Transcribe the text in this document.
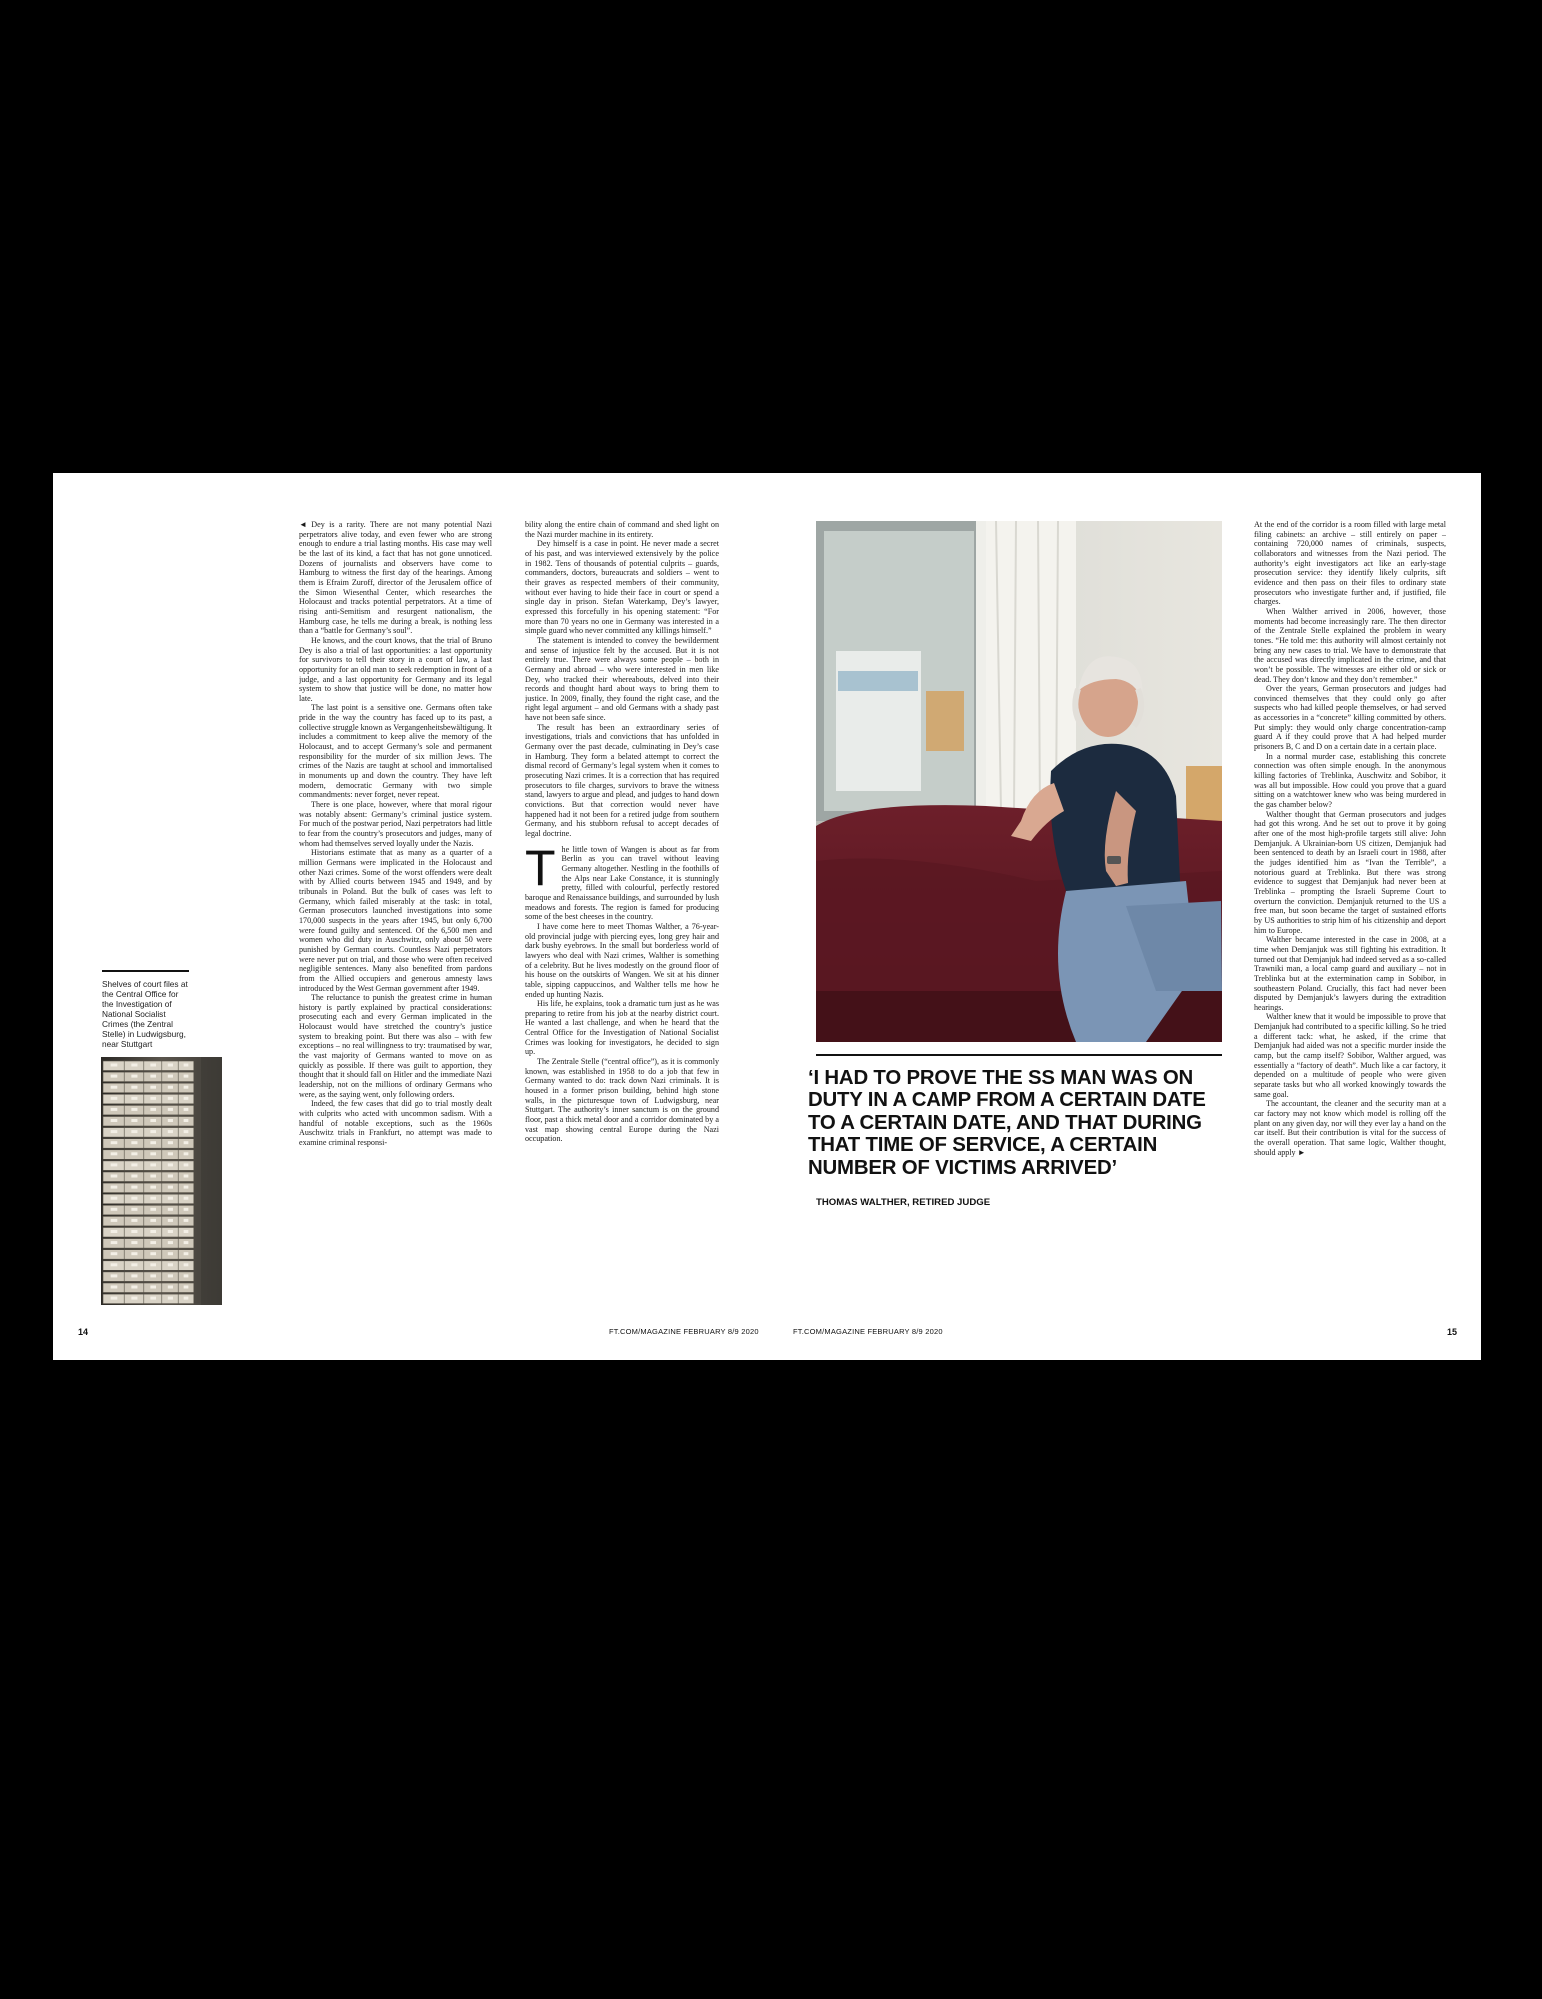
Shelves of court files at the Central Office for the Investigation of National Socialist Crimes (the Zentral Stelle) in Ludwigsburg, near Stuttgart

◄ Dey is a rarity. There are not many potential Nazi perpetrators alive today, and even fewer who are strong enough to endure a trial lasting months. His case may well be the last of its kind, a fact that has not gone unnoticed. Dozens of journalists and observers have come to Hamburg to witness the first day of the hearings. Among them is Efraim Zuroff, director of the Jerusalem office of the Simon Wiesenthal Center, which researches the Holocaust and tracks potential perpetrators. At a time of rising anti-Semitism and resurgent nationalism, the Hamburg case, he tells me during a break, is nothing less than a “battle for Germany’s soul”.

He knows, and the court knows, that the trial of Bruno Dey is also a trial of last opportunities: a last opportunity for survivors to tell their story in a court of law, a last opportunity for an old man to seek redemption in front of a judge, and a last opportunity for Germany and its legal system to show that justice will be done, no matter how late.

The last point is a sensitive one. Germans often take pride in the way the country has faced up to its past, a collective struggle known as Vergangenheitsbewältigung. It includes a commitment to keep alive the memory of the Holocaust, and to accept Germany’s sole and permanent responsibility for the murder of six million Jews. The crimes of the Nazis are taught at school and immortalised in monuments up and down the country. They have left modern, democratic Germany with two simple commandments: never forget, never repeat.

There is one place, however, where that moral rigour was notably absent: Germany’s criminal justice system. For much of the postwar period, Nazi perpetrators had little to fear from the country’s prosecutors and judges, many of whom had themselves served loyally under the Nazis.

Historians estimate that as many as a quarter of a million Germans were implicated in the Holocaust and other Nazi crimes. Some of the worst offenders were dealt with by Allied courts between 1945 and 1949, and by tribunals in Poland. But the bulk of cases was left to Germany, which failed miserably at the task: in total, German prosecutors launched investigations into some 170,000 suspects in the years after 1945, but only 6,700 were found guilty and sentenced. Of the 6,500 men and women who did duty in Auschwitz, only about 50 were punished by German courts. Countless Nazi perpetrators were never put on trial, and those who were often received negligible sentences. Many also benefited from pardons from the Allied occupiers and generous amnesty laws introduced by the West German government after 1949.

The reluctance to punish the greatest crime in human history is partly explained by practical considerations: prosecuting each and every German implicated in the Holocaust would have stretched the country’s justice system to breaking point. But there was also – with few exceptions – no real willingness to try: traumatised by war, the vast majority of Germans wanted to move on as quickly as possible. If there was guilt to apportion, they thought that it should fall on Hitler and the immediate Nazi leadership, not on the millions of ordinary Germans who were, as the saying went, only following orders.

Indeed, the few cases that did go to trial mostly dealt with culprits who acted with uncommon sadism. With a handful of notable exceptions, such as the 1960s Auschwitz trials in Frankfurt, no attempt was made to examine criminal responsi-

bility along the entire chain of command and shed light on the Nazi murder machine in its entirety.

Dey himself is a case in point. He never made a secret of his past, and was interviewed extensively by the police in 1982. Tens of thousands of potential culprits – guards, commanders, doctors, bureaucrats and soldiers – went to their graves as respected members of their community, without ever having to hide their face in court or spend a single day in prison. Stefan Waterkamp, Dey’s lawyer, expressed this forcefully in his opening statement: “For more than 70 years no one in Germany was interested in a simple guard who never committed any killings himself.”

The statement is intended to convey the bewilderment and sense of injustice felt by the accused. But it is not entirely true. There were always some people – both in Germany and abroad – who were interested in men like Dey, who tracked their whereabouts, delved into their records and thought hard about ways to bring them to justice. In 2009, finally, they found the right case, and the right legal argument – and old Germans with a shady past have not been safe since.

The result has been an extraordinary series of investigations, trials and convictions that has unfolded in Germany over the past decade, culminating in Dey’s case in Hamburg. They form a belated attempt to correct the dismal record of Germany’s legal system when it comes to prosecuting Nazi crimes. It is a correction that has required prosecutors to file charges, survivors to brave the witness stand, lawyers to argue and plead, and judges to hand down convictions. But that correction would never have happened had it not been for a retired judge from southern Germany, and his stubborn refusal to accept decades of legal doctrine.

The little town of Wangen is about as far from Berlin as you can travel without leaving Germany altogether. Nestling in the foothills of the Alps near Lake Constance, it is stunningly pretty, filled with colourful, perfectly restored baroque and Renaissance buildings, and surrounded by lush meadows and forests. The region is famed for producing some of the best cheeses in the country.

I have come here to meet Thomas Walther, a 76-year-old provincial judge with piercing eyes, long grey hair and dark bushy eyebrows. In the small but borderless world of lawyers who deal with Nazi crimes, Walther is something of a celebrity. But he lives modestly on the ground floor of his house on the outskirts of Wangen. We sit at his dinner table, sipping cappuccinos, and Walther tells me how he ended up hunting Nazis.

His life, he explains, took a dramatic turn just as he was preparing to retire from his job at the nearby district court. He wanted a last challenge, and when he heard that the Central Office for the Investigation of National Socialist Crimes was looking for investigators, he decided to sign up.

The Zentrale Stelle (“central office”), as it is commonly known, was established in 1958 to do a job that few in Germany wanted to do: track down Nazi criminals. It is housed in a former prison building, behind high stone walls, in the picturesque town of Ludwigsburg, near Stuttgart. The authority’s inner sanctum is on the ground floor, past a thick metal door and a corridor dominated by a vast map showing central Europe during the Nazi occupation.

‘I HAD TO PROVE THE SS MAN WAS ON DUTY IN A CAMP FROM A CERTAIN DATE TO A CERTAIN DATE, AND THAT DURING THAT TIME OF SERVICE, A CERTAIN NUMBER OF VICTIMS ARRIVED’
THOMAS WALTHER, RETIRED JUDGE

At the end of the corridor is a room filled with large metal filing cabinets: an archive – still entirely on paper – containing 720,000 names of criminals, suspects, collaborators and witnesses from the Nazi period. The authority’s eight investigators act like an early-stage prosecution service: they identify likely culprits, sift evidence and then pass on their files to ordinary state prosecutors who investigate further and, if justified, file charges.

When Walther arrived in 2006, however, those moments had become increasingly rare. The then director of the Zentrale Stelle explained the problem in weary tones. “He told me: this authority will almost certainly not bring any new cases to trial. We have to demonstrate that the accused was directly implicated in the crime, and that won’t be possible. The witnesses are either old or sick or dead. They don’t know and they don’t remember.”

Over the years, German prosecutors and judges had convinced themselves that they could only go after suspects who had killed people themselves, or had served as accessories in a “concrete” killing committed by others. Put simply: they would only charge concentration-camp guard A if they could prove that A had helped murder prisoners B, C and D on a certain date in a certain place.

In a normal murder case, establishing this concrete connection was often simple enough. In the anonymous killing factories of Treblinka, Auschwitz and Sobibor, it was all but impossible. How could you prove that a guard sitting on a watchtower knew who was being murdered in the gas chamber below?

Walther thought that German prosecutors and judges had got this wrong. And he set out to prove it by going after one of the most high-profile targets still alive: John Demjanjuk. A Ukrainian-born US citizen, Demjanjuk had been sentenced to death by an Israeli court in 1988, after the judges identified him as “Ivan the Terrible”, a notorious guard at Treblinka. But there was strong evidence to suggest that Demjanjuk had never been at Treblinka – prompting the Israeli Supreme Court to overturn the conviction. Demjanjuk returned to the US a free man, but soon became the target of sustained efforts by US authorities to strip him of his citizenship and deport him to Europe.

Walther became interested in the case in 2008, at a time when Demjanjuk was still fighting his extradition. It turned out that Demjanjuk had indeed served as a so-called Trawniki man, a local camp guard and auxiliary – not in Treblinka but at the extermination camp in Sobibor, in southeastern Poland. Crucially, this fact had never been disputed by Demjanjuk’s lawyers during the extradition hearings.

Walther knew that it would be impossible to prove that Demjanjuk had contributed to a specific killing. So he tried a different tack: what, he asked, if the crime that Demjanjuk had aided was not a specific murder inside the camp, but the camp itself? Sobibor, Walther argued, was essentially a “factory of death”. Much like a car factory, it depended on a multitude of people who were given separate tasks but who all worked knowingly towards the same goal.

The accountant, the cleaner and the security man at a car factory may not know which model is rolling off the plant on any given day, nor will they ever lay a hand on the car itself. But their contribution is vital for the success of the overall operation. That same logic, Walther thought, should apply ►

14	FT.COM/MAGAZINE FEBRUARY 8/9 2020	FT.COM/MAGAZINE FEBRUARY 8/9 2020	15
